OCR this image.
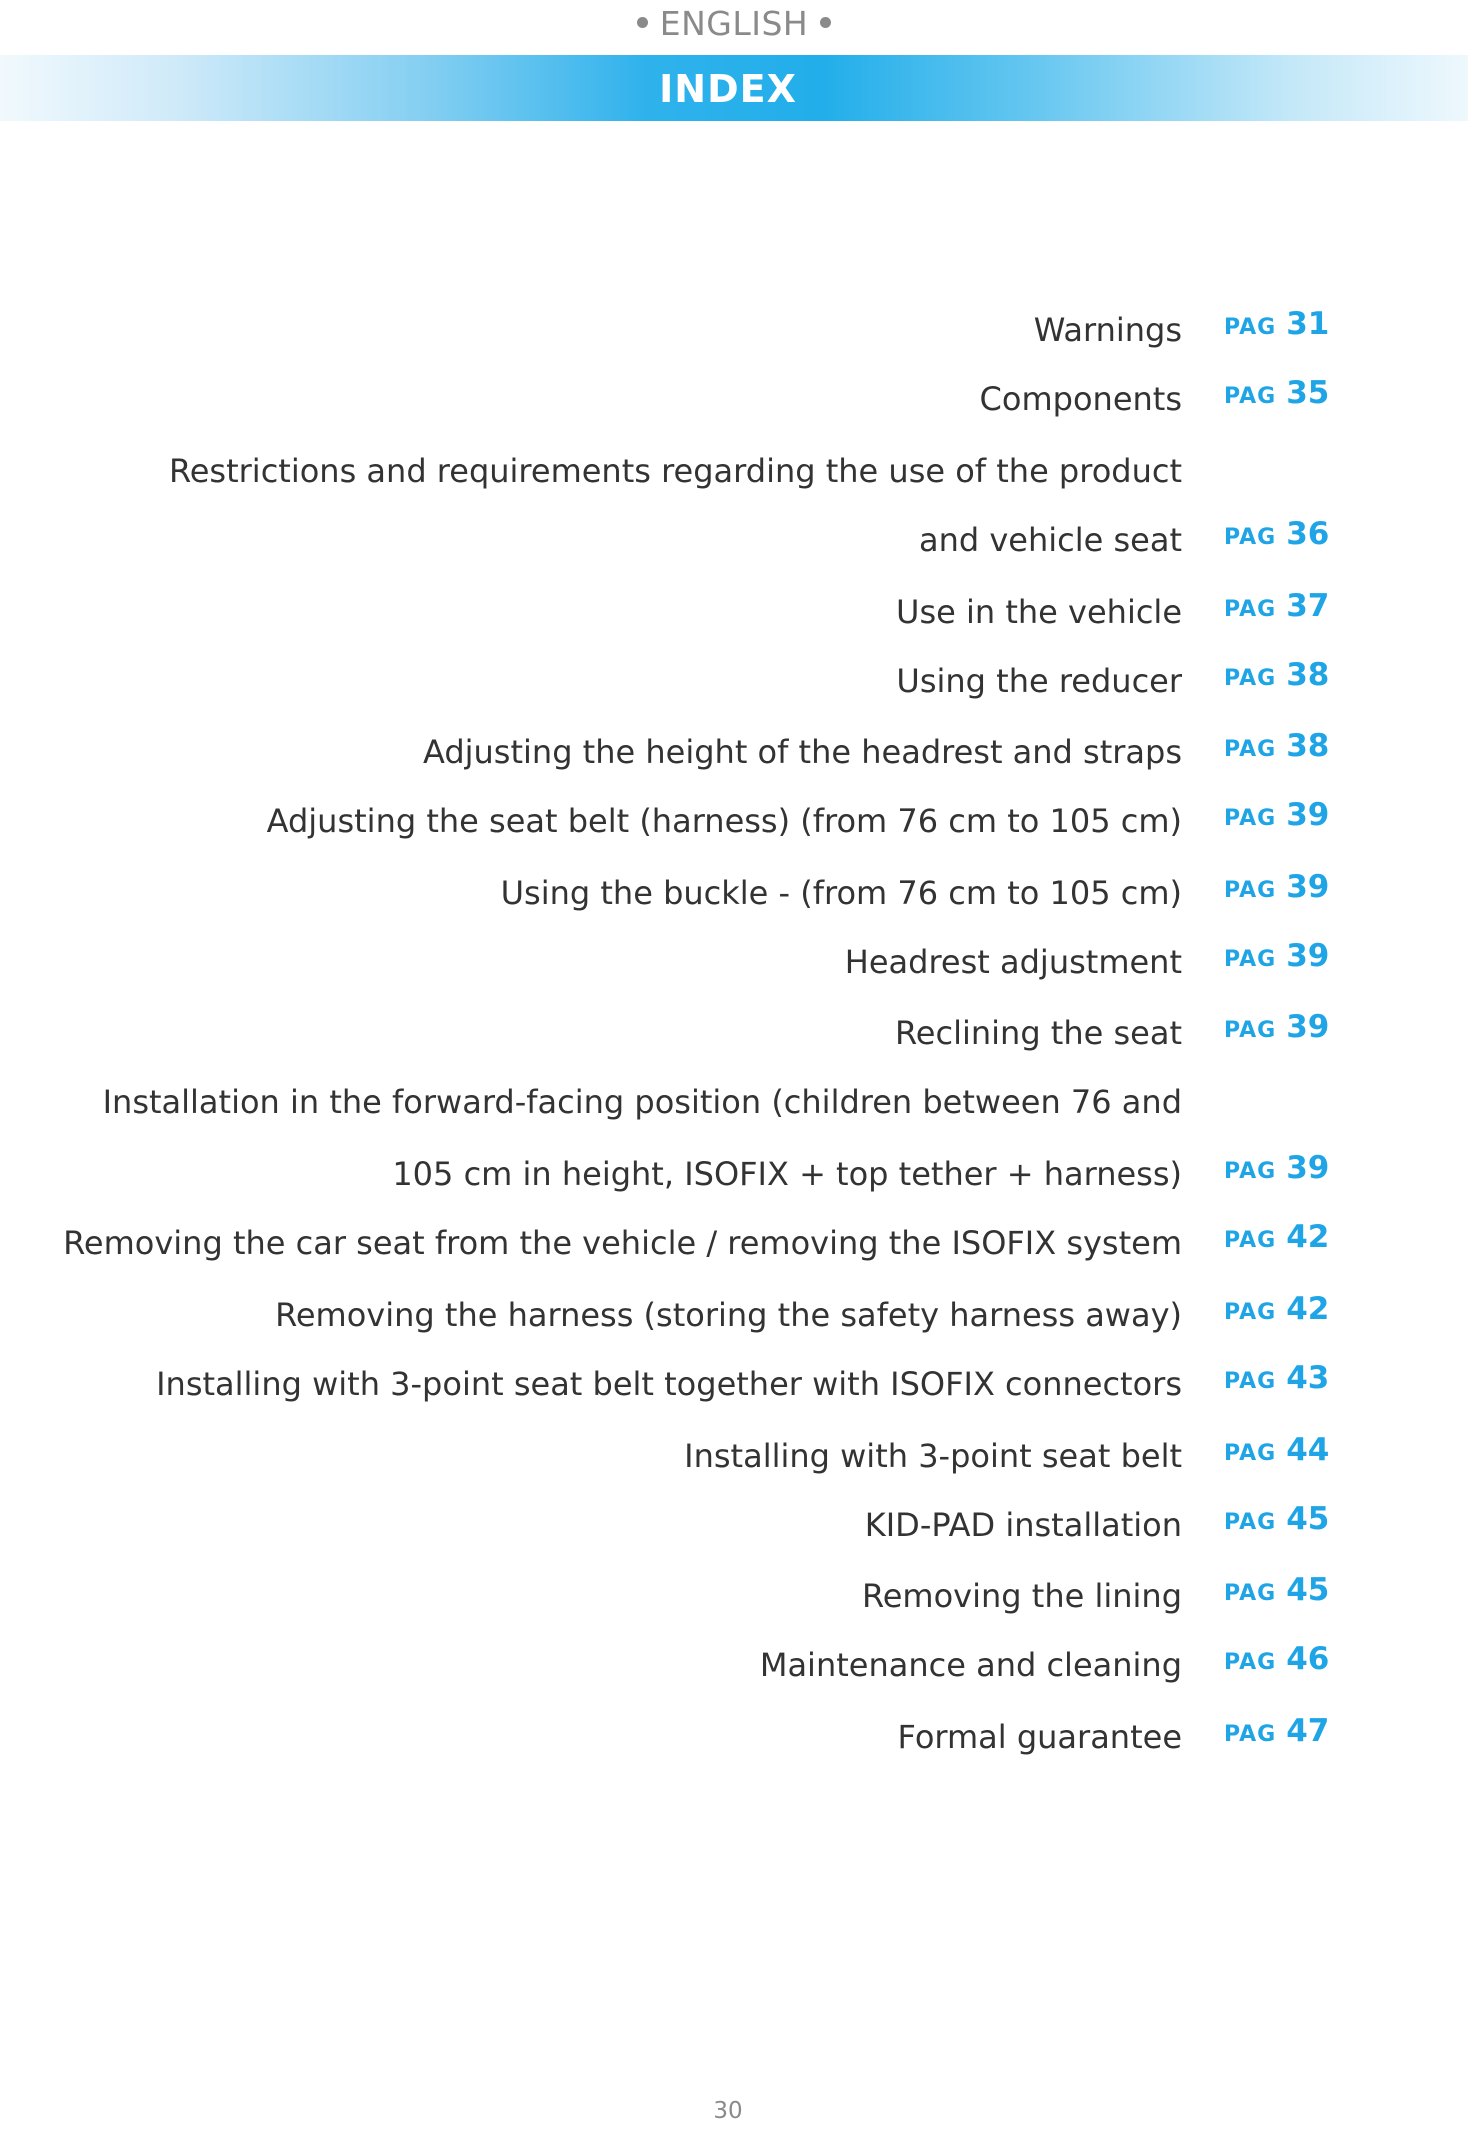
ENGLISH
INDEX
Warnings PAG 31
Components PAG 35
Restrictions and requirements regarding the use of the product
and vehicle seat PAG 36
Use in the vehicle PAG 37
Using the reducer PAG 38
Adjusting the height of the headrest and straps PAG 38
Adjusting the seat belt (harness) (from 76 cm to 105 cm) PAG 39
Using the buckle - (from 76 cm to 105 cm) PAG 39
Headrest adjustment PAG 39
Reclining the seat PAG 39
Installation in the forward-facing position (children between 76 and
105 cm in height, ISOFIX + top tether + harness) PAG 39
Removing the car seat from the vehicle / removing the ISOFIX system PAG 42
Removing the harness (storing the safety harness away) PAG 42
Installing with 3-point seat belt together with ISOFIX connectors PAG 43
Installing with 3-point seat belt PAG 44
KID-PAD installation PAG 45
Removing the lining PAG 45
Maintenance and cleaning PAG 46
Formal guarantee PAG 47
30
